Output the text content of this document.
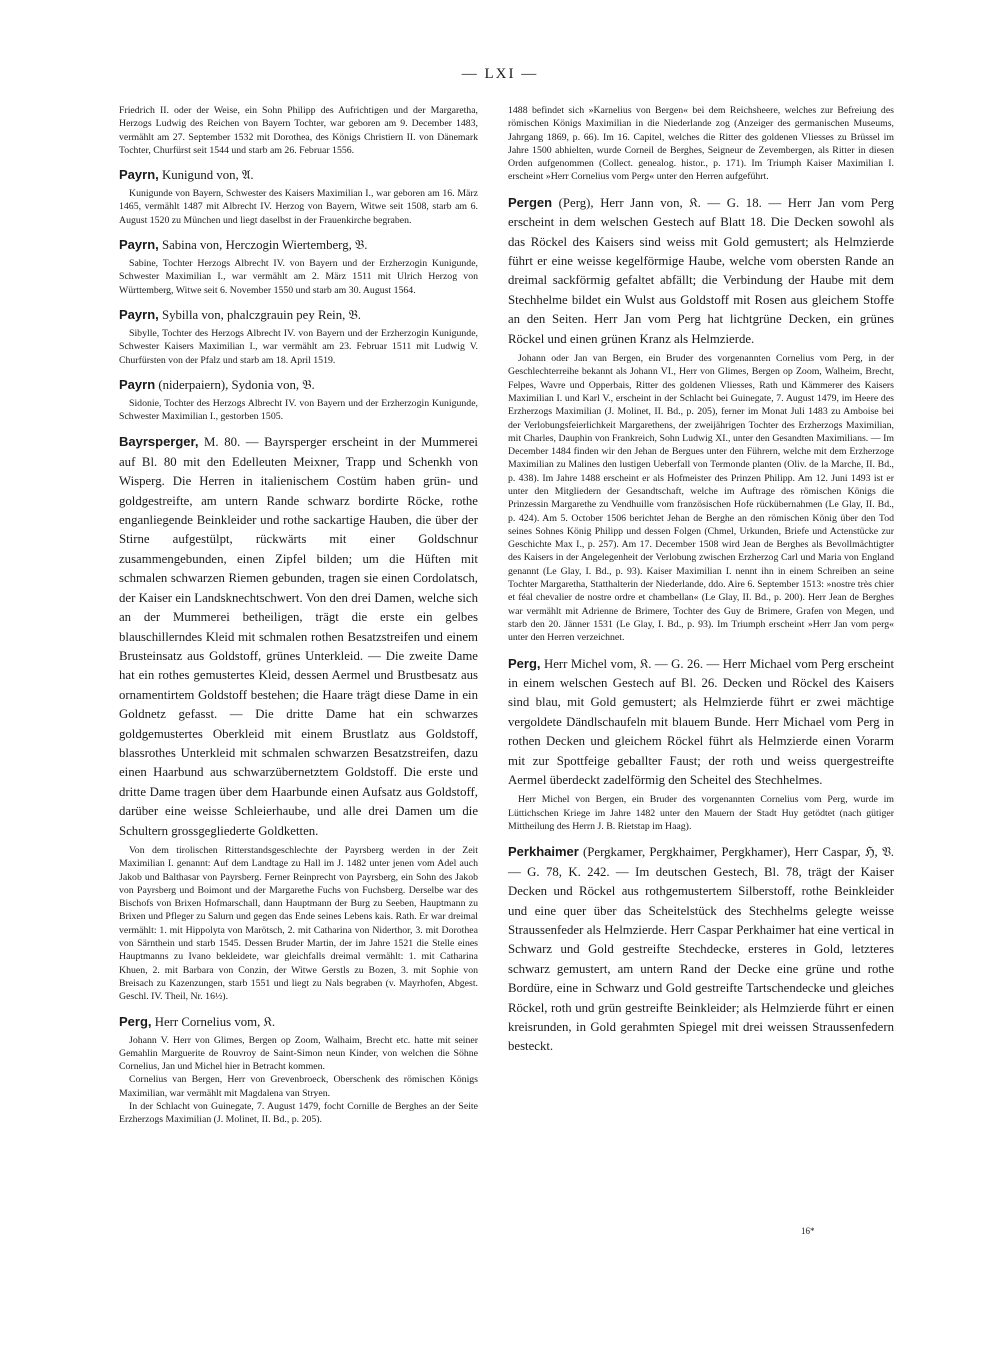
— LXI —

Friedrich II. oder der Weise, ein Sohn Philipp des Aufrichtigen und der Margaretha, Herzogs Ludwig des Reichen von Bayern Tochter, war geboren am 9. December 1483, vermählt am 27. September 1532 mit Dorothea, des Königs Christiern II. von Dänemark Tochter, Churfürst seit 1544 und starb am 26. Februar 1556.

Payrn, Kunigund von, 𝔄.

Kunigunde von Bayern, Schwester des Kaisers Maximilian I., war geboren am 16. März 1465, vermählt 1487 mit Albrecht IV. Herzog von Bayern, Witwe seit 1508, starb am 6. August 1520 zu München und liegt daselbst in der Frauenkirche begraben.

Payrn, Sabina von, Herczogin Wiertemberg, 𝔅.

Sabine, Tochter Herzogs Albrecht IV. von Bayern und der Erzherzogin Kunigunde, Schwester Maximilian I., war vermählt am 2. März 1511 mit Ulrich Herzog von Württemberg, Witwe seit 6. November 1550 und starb am 30. August 1564.

Payrn, Sybilla von, phalczgrauin pey Rein, 𝔅.

Sibylle, Tochter des Herzogs Albrecht IV. von Bayern und der Erzherzogin Kunigunde, Schwester Kaisers Maximilian I., war vermählt am 23. Februar 1511 mit Ludwig V. Churfürsten von der Pfalz und starb am 18. April 1519.

Payrn (niderpaiern), Sydonia von, 𝔅.

Sidonie, Tochter des Herzogs Albrecht IV. von Bayern und der Erzherzogin Kunigunde, Schwester Maximilian I., gestorben 1505.

Bayrsperger, M. 80. — Bayrsperger erscheint in der Mummerei auf Bl. 80 mit den Edelleuten Meixner, Trapp und Schenkh von Wisperg. Die Herren in italienischem Costüm haben grün- und goldgestreifte, am untern Rande schwarz bordirte Röcke, rothe enganliegende Beinkleider und rothe sackartige Hauben, die über der Stirne aufgestülpt, rückwärts mit einer Goldschnur zusammengebunden, einen Zipfel bilden; um die Hüften mit schmalen schwarzen Riemen gebunden, tragen sie einen Cordolatsch, der Kaiser ein Landsknechtschwert. Von den drei Damen, welche sich an der Mummerei betheiligen, trägt die erste ein gelbes blauschillerndes Kleid mit schmalen rothen Besatzstreifen und einem Brusteinsatz aus Goldstoff, grünes Unterkleid. — Die zweite Dame hat ein rothes gemustertes Kleid, dessen Aermel und Brustbesatz aus ornamentirtem Goldstoff bestehen; die Haare trägt diese Dame in ein Goldnetz gefasst. — Die dritte Dame hat ein schwarzes goldgemustertes Oberkleid mit einem Brustlatz aus Goldstoff, blassrothes Unterkleid mit schmalen schwarzen Besatzstreifen, dazu einen Haarbund aus schwarzübernetztem Goldstoff. Die erste und dritte Dame tragen über dem Haarbunde einen Aufsatz aus Goldstoff, darüber eine weisse Schleierhaube, und alle drei Damen um die Schultern grossgegliederte Goldketten.

Von dem tirolischen Ritterstandsgeschlechte der Payrsberg werden in der Zeit Maximilian I. genannt: Auf dem Landtage zu Hall im J. 1482 unter jenen vom Adel auch Jakob und Balthasar von Payrsberg. Ferner Reinprecht von Payrsberg, ein Sohn des Jakob von Payrsberg und Boimont und der Margarethe Fuchs von Fuchsberg. Derselbe war des Bischofs von Brixen Hofmarschall, dann Hauptmann der Burg zu Seeben, Hauptmann zu Brixen und Pfleger zu Salurn und gegen das Ende seines Lebens kais. Rath. Er war dreimal vermählt: 1. mit Hippolyta von Marötsch, 2. mit Catharina von Niderthor, 3. mit Dorothea von Särnthein und starb 1545. Dessen Bruder Martin, der im Jahre 1521 die Stelle eines Hauptmanns zu Ivano bekleidete, war gleichfalls dreimal vermählt: 1. mit Catharina Khuen, 2. mit Barbara von Conzin, der Witwe Gerstls zu Bozen, 3. mit Sophie von Breisach zu Kazenzungen, starb 1551 und liegt zu Nals begraben (v. Mayrhofen, Abgest. Geschl. IV. Theil, Nr. 16½).

Perg, Herr Cornelius vom, 𝔎.

Johann V. Herr von Glimes, Bergen op Zoom, Walhaim, Brecht etc. hatte mit seiner Gemahlin Marguerite de Rouvroy de Saint-Simon neun Kinder, von welchen die Söhne Cornelius, Jan und Michel hier in Betracht kommen.

Cornelius van Bergen, Herr von Grevenbroeck, Oberschenk des römischen Königs Maximilian, war vermählt mit Magdalena van Stryen.

In der Schlacht von Guinegate, 7. August 1479, focht Cornille de Berghes an der Seite Erzherzogs Maximilian (J. Molinet, II. Bd., p. 205).

1488 befindet sich »Karnelius von Bergen« bei dem Reichsheere, welches zur Befreiung des römischen Königs Maximilian in die Niederlande zog (Anzeiger des germanischen Museums, Jahrgang 1869, p. 66). Im 16. Capitel, welches die Ritter des goldenen Vliesses zu Brüssel im Jahre 1500 abhielten, wurde Corneil de Berghes, Seigneur de Zevembergen, als Ritter in diesen Orden aufgenommen (Collect. genealog. histor., p. 171). Im Triumph Kaiser Maximilian I. erscheint »Herr Cornelius vom Perg« unter den Herren aufgeführt.

Pergen (Perg), Herr Jann von, 𝔎. — G. 18. — Herr Jan vom Perg erscheint in dem welschen Gestech auf Blatt 18. Die Decken sowohl als das Röckel des Kaisers sind weiss mit Gold gemustert; als Helmzierde führt er eine weisse kegelförmige Haube, welche vom obersten Rande an dreimal sackförmig gefaltet abfällt; die Verbindung der Haube mit dem Stechhelme bildet ein Wulst aus Goldstoff mit Rosen aus gleichem Stoffe an den Seiten. Herr Jan vom Perg hat lichtgrüne Decken, ein grünes Röckel und einen grünen Kranz als Helmzierde.

Johann oder Jan van Bergen, ein Bruder des vorgenannten Cornelius vom Perg, in der Geschlechterreihe bekannt als Johann VI., Herr von Glimes, Bergen op Zoom, Walheim, Brecht, Felpes, Wavre und Opperbais, Ritter des goldenen Vliesses, Rath und Kämmerer des Kaisers Maximilian I. und Karl V., erscheint in der Schlacht bei Guinegate, 7. August 1479, im Heere des Erzherzogs Maximilian (J. Molinet, II. Bd., p. 205), ferner im Monat Juli 1483 zu Amboise bei der Verlobungsfeierlichkeit Margarethens, der zweijährigen Tochter des Erzherzogs Maximilian, mit Charles, Dauphin von Frankreich, Sohn Ludwig XI., unter den Gesandten Maximilians. — Im December 1484 finden wir den Jehan de Bergues unter den Führern, welche mit dem Erzherzoge Maximilian zu Malines den lustigen Ueberfall von Termonde planten (Oliv. de la Marche, II. Bd., p. 438). Im Jahre 1488 erscheint er als Hofmeister des Prinzen Philipp. Am 12. Juni 1493 ist er unter den Mitgliedern der Gesandtschaft, welche im Auftrage des römischen Königs die Prinzessin Margarethe zu Vendhuille vom französischen Hofe rückübernahmen (Le Glay, II. Bd., p. 424). Am 5. October 1506 berichtet Jehan de Berghe an den römischen König über den Tod seines Sohnes König Philipp und dessen Folgen (Chmel, Urkunden, Briefe und Actenstücke zur Geschichte Max I., p. 257). Am 17. December 1508 wird Jean de Berghes als Bevollmächtigter des Kaisers in der Angelegenheit der Verlobung zwischen Erzherzog Carl und Maria von England genannt (Le Glay, I. Bd., p. 93). Kaiser Maximilian I. nennt ihn in einem Schreiben an seine Tochter Margaretha, Statthalterin der Niederlande, ddo. Aire 6. September 1513: »nostre très chier et féal chevalier de nostre ordre et chambellan« (Le Glay, II. Bd., p. 200). Herr Jean de Berghes war vermählt mit Adrienne de Brimere, Tochter des Guy de Brimere, Grafen von Megen, und starb den 20. Jänner 1531 (Le Glay, I. Bd., p. 93). Im Triumph erscheint »Herr Jan vom perg« unter den Herren verzeichnet.

Perg, Herr Michel vom, 𝔎. — G. 26. — Herr Michael vom Perg erscheint in einem welschen Gestech auf Bl. 26. Decken und Röckel des Kaisers sind blau, mit Gold gemustert; als Helmzierde führt er zwei mächtige vergoldete Dändlschaufeln mit blauem Bunde. Herr Michael vom Perg in rothen Decken und gleichem Röckel führt als Helmzierde einen Vorarm mit zur Spottfeige geballter Faust; der roth und weiss quergestreifte Aermel überdeckt zadelförmig den Scheitel des Stechhelmes.

Herr Michel von Bergen, ein Bruder des vorgenannten Cornelius vom Perg, wurde im Lüttichschen Kriege im Jahre 1482 unter den Mauern der Stadt Huy getödtet (nach gütiger Mittheilung des Herrn J. B. Rietstap im Haag).

Perkhaimer (Pergkamer, Pergkhaimer, Pergkhamer), Herr Caspar, ℌ, 𝔙. — G. 78, K. 242. — Im deutschen Gestech, Bl. 78, trägt der Kaiser Decken und Röckel aus rothgemustertem Silberstoff, rothe Beinkleider und eine quer über das Scheitelstück des Stechhelms gelegte weisse Straussenfeder als Helmzierde. Herr Caspar Perkhaimer hat eine vertical in Schwarz und Gold gestreifte Stechdecke, ersteres in Gold, letzteres schwarz gemustert, am untern Rand der Decke eine grüne und rothe Bordüre, eine in Schwarz und Gold gestreifte Tartschendecke und gleiches Röckel, roth und grün gestreifte Beinkleider; als Helmzierde führt er einen kreisrunden, in Gold gerahmten Spiegel mit drei weissen Straussenfedern besteckt.

16*
